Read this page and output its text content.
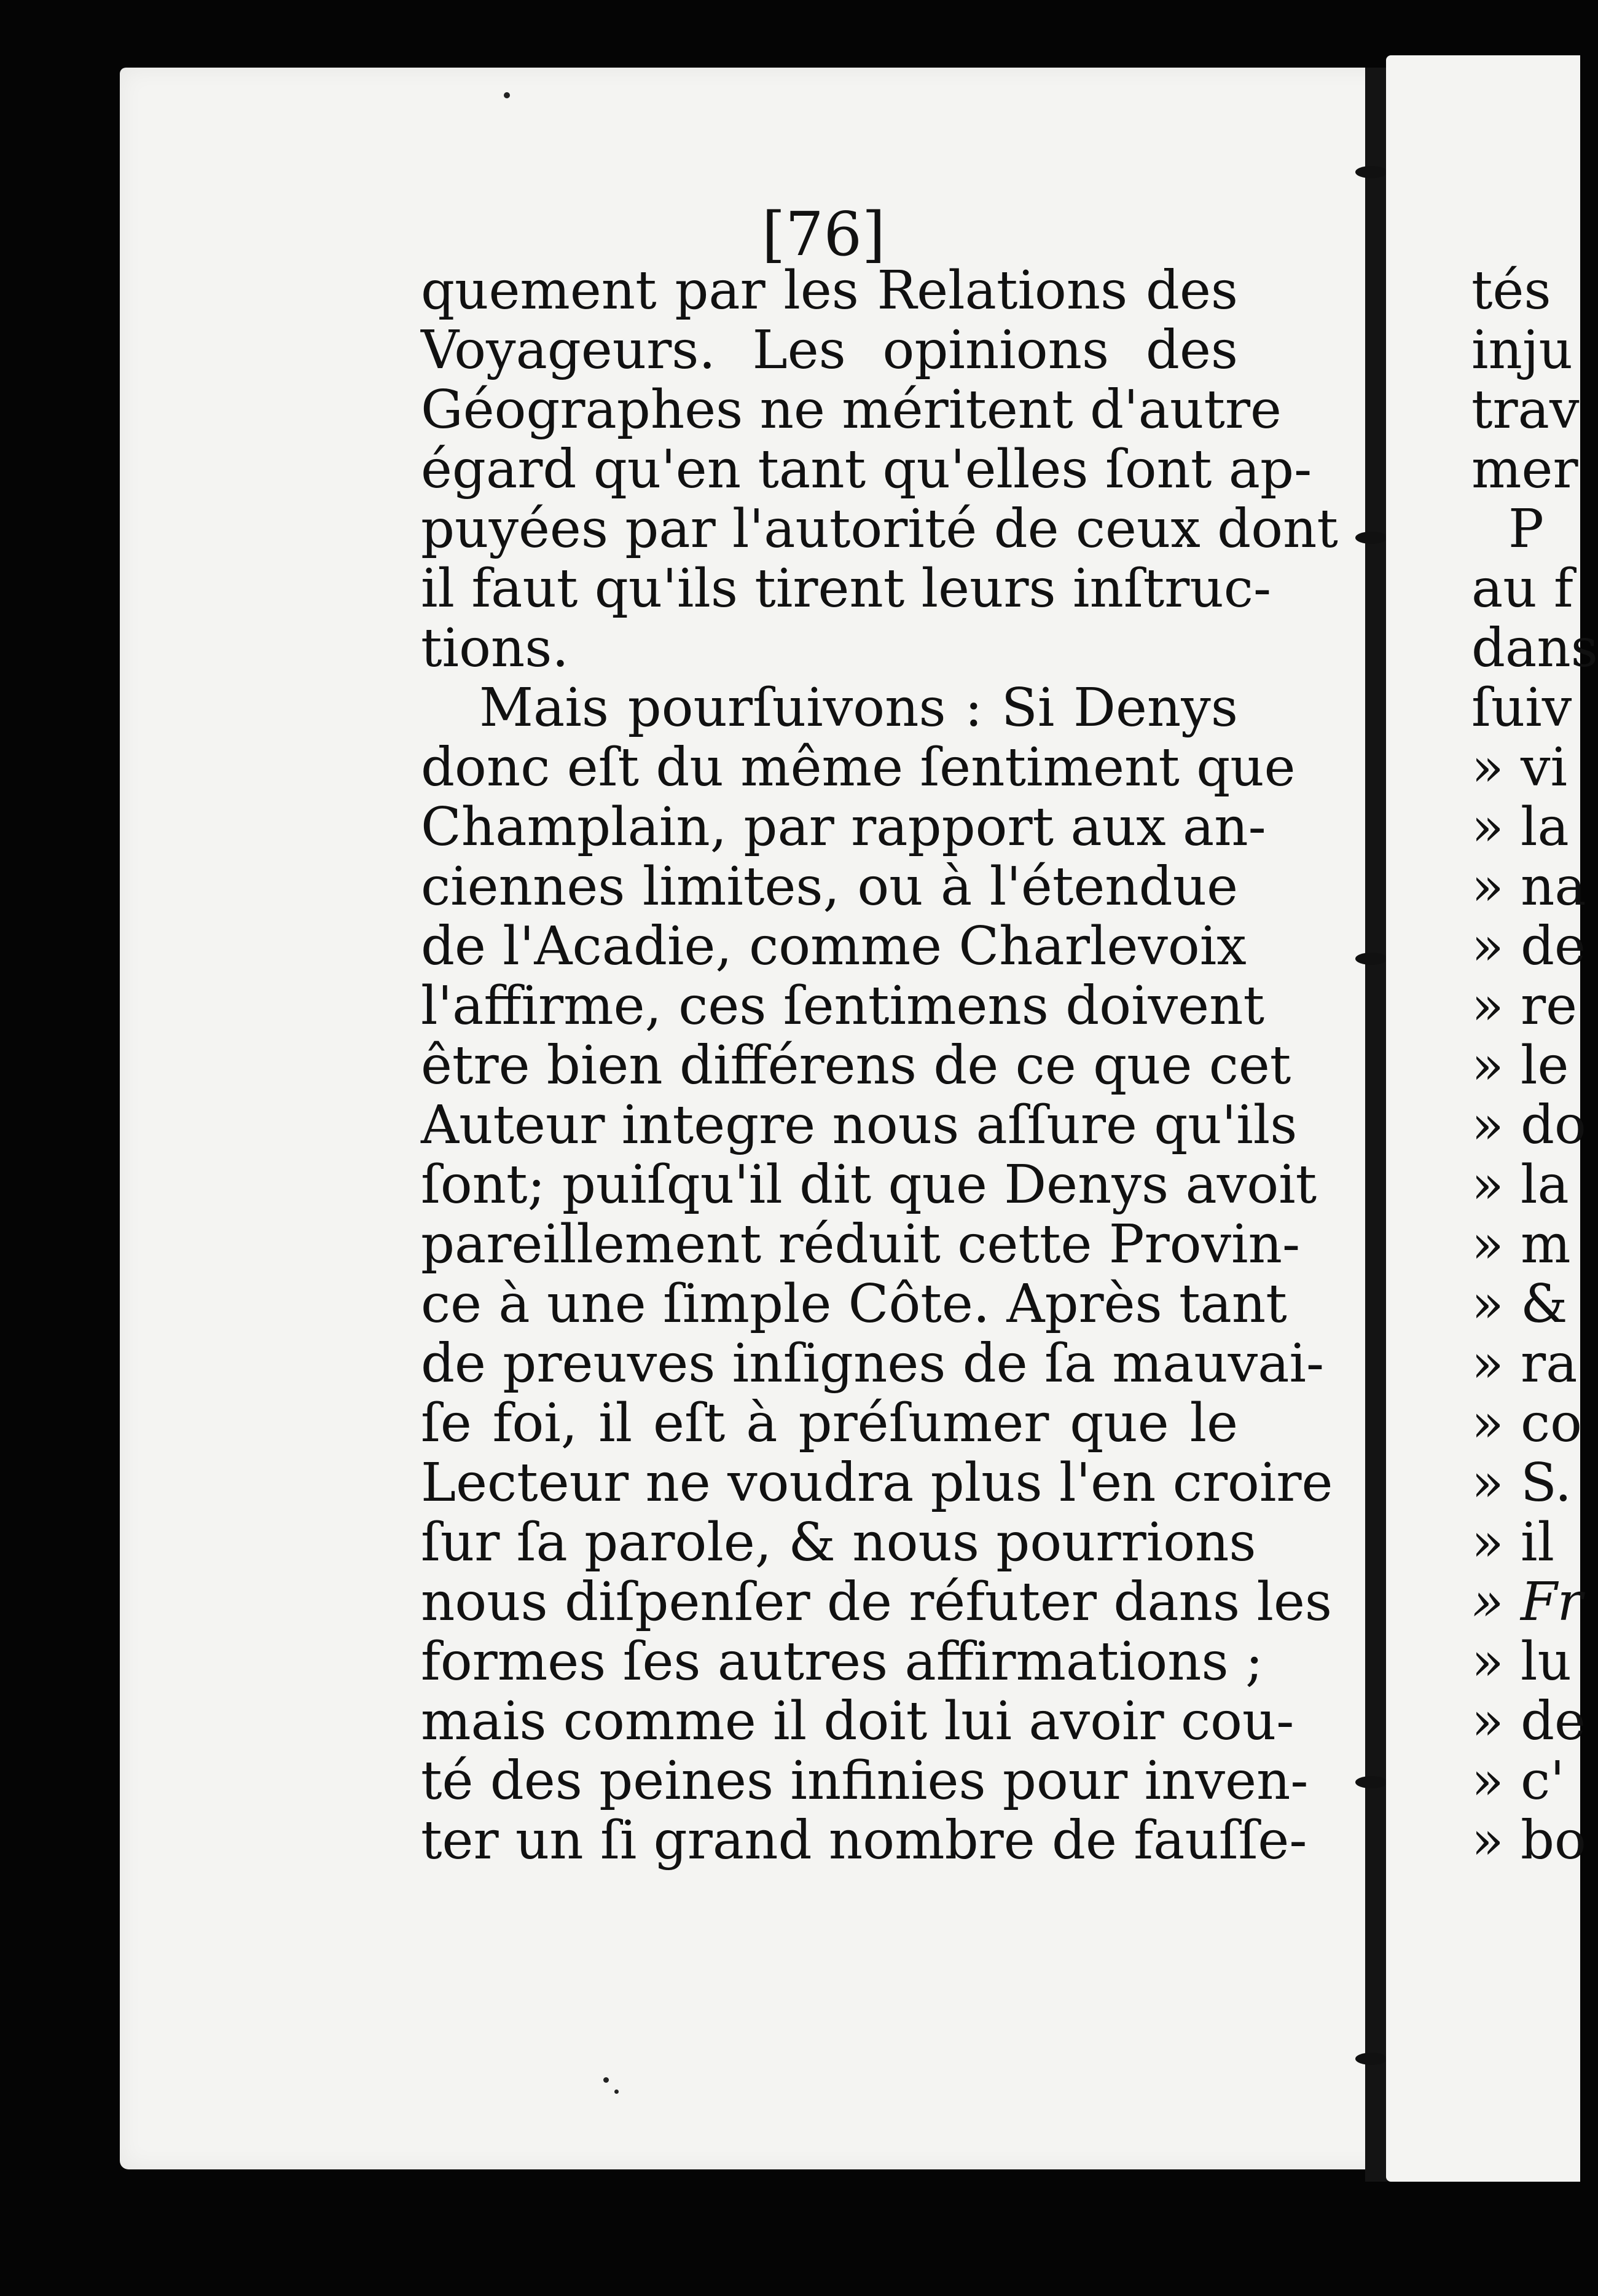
[76]
quement par les Relations des
Voyageurs. Les opinions des
Géographes ne méritent d'autre
égard qu'en tant qu'elles ſont ap-
puyées par l'autorité de ceux dont
il faut qu'ils tirent leurs inſtruc-
tions.
Mais pourſuivons : Si Denys
donc eſt du même ſentiment que
Champlain, par rapport aux an-
ciennes limites, ou à l'étendue
de l'Acadie, comme Charlevoix
l'affirme, ces ſentimens doivent
être bien différens de ce que cet
Auteur integre nous aſſure qu'ils
ſont; puiſqu'il dit que Denys avoit
pareillement réduit cette Provin-
ce à une ſimple Côte. Après tant
de preuves inſignes de ſa mauvai-
ſe foi, il eſt à préſumer que le
Lecteur ne voudra plus l'en croire
ſur ſa parole, & nous pourrions
nous diſpenſer de réfuter dans les
formes ſes autres affirmations ;
mais comme il doit lui avoir cou-
té des peines infinies pour inven-
ter un ſi grand nombre de fauſſe-
tés
inju
trav
mer
P
au f
dans
ſuiv
» vi
» la
» na
» de
» re
» le
» do
» la
» m
» &
» ra
» co
» S.
» il
» Fr
» lu
» de
» c'
» bo
